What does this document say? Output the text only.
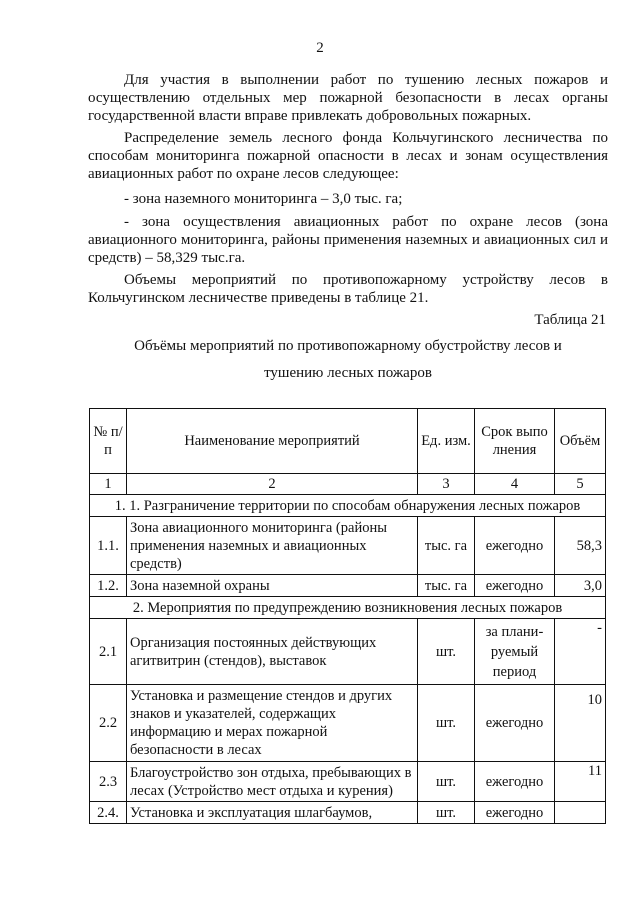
2

Для участия в выполнении работ по тушению лесных пожаров и осуществлению отдельных мер пожарной безопасности в лесах органы государственной власти вправе привлекать добровольных пожарных.

Распределение земель лесного фонда Кольчугинского лесничества по способам мониторинга пожарной опасности в лесах и зонам осуществления авиационных работ по охране лесов следующее:

- зона наземного мониторинга – 3,0 тыс. га;

- зона осуществления авиационных работ по охране лесов (зона авиационного мониторинга, районы применения наземных и авиационных сил и средств) – 58,329 тыс.га.

Объемы мероприятий по противопожарному устройству лесов в Кольчугинском лесничестве приведены в таблице 21.

Таблица 21
Объёмы мероприятий по противопожарному обустройству лесов и
тушению лесных пожаров
№ п/п	Наименование мероприятий	Ед. изм.	Срок выполнения	Объём
1	2	3	4	5
1. 1. Разграничение территории по способам обнаружения лесных пожаров				
1.1.	Зона авиационного мониторинга (районы применения наземных и авиационных средств)	тыс. га	ежегодно	58,3
1.2.	Зона наземной охраны	тыс. га	ежегодно	3,0
2. Мероприятия по предупреждению возникновения лесных пожаров				
2.1	Организация постоянных действующих агитвитрин (стендов), выставок	шт.	за плани- руемый период	-
2.2	Установка и размещение стендов и других знаков и указателей, содержащих информацию и мерах пожарной безопасности в лесах	шт.	ежегодно	10
2.3	Благоустройство зон отдыха, пребывающих в лесах (Устройство мест отдыха и курения)	шт.	ежегодно	11
2.4.	Установка и эксплуатация шлагбаумов,	шт.	ежегодно	
